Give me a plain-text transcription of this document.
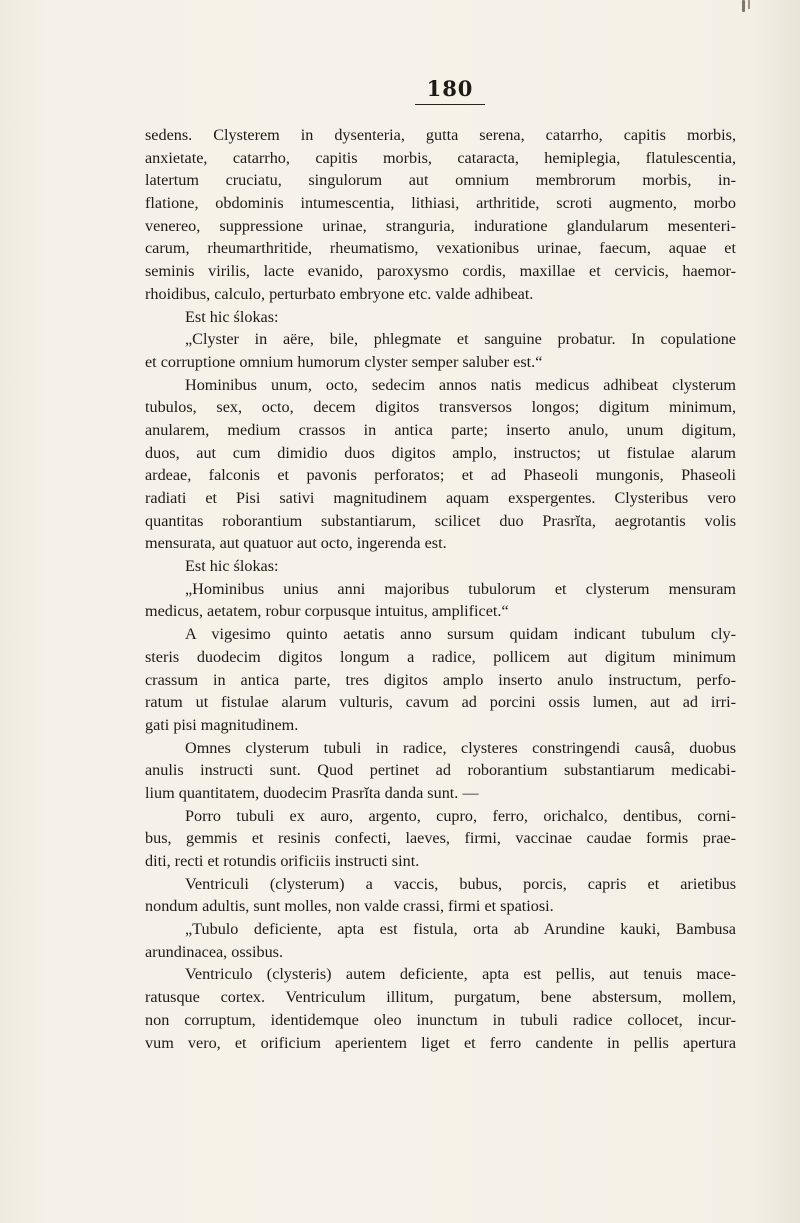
180
sedens. Clysterem in dysenteria, gutta serena, catarrho, capitis morbis,
anxietate, catarrho, capitis morbis, cataracta, hemiplegia, flatulescentia,
latertum cruciatu, singulorum aut omnium membrorum morbis, in-
flatione, obdominis intumescentia, lithiasi, arthritide, scroti augmento, morbo
venereo, suppressione urinae, stranguria, induratione glandularum mesenteri-
carum, rheumarthritide, rheumatismo, vexationibus urinae, faecum, aquae et
seminis virilis, lacte evanido, paroxysmo cordis, maxillae et cervicis, haemor-
rhoidibus, calculo, perturbato embryone etc. valde adhibeat.
Est hic ślokas:
„Clyster in aëre, bile, phlegmate et sanguine probatur. In copulatione
et corruptione omnium humorum clyster semper saluber est.“
Hominibus unum, octo, sedecim annos natis medicus adhibeat clysterum
tubulos, sex, octo, decem digitos transversos longos; digitum minimum,
anularem, medium crassos in antica parte; inserto anulo, unum digitum,
duos, aut cum dimidio duos digitos amplo, instructos; ut fistulae alarum
ardeae, falconis et pavonis perforatos; et ad Phaseoli mungonis, Phaseoli
radiati et Pisi sativi magnitudinem aquam exspergentes. Clysteribus vero
quantitas roborantium substantiarum, scilicet duo Prasrĭta, aegrotantis volis
mensurata, aut quatuor aut octo, ingerenda est.
Est hic ślokas:
„Hominibus unius anni majoribus tubulorum et clysterum mensuram
medicus, aetatem, robur corpusque intuitus, amplificet.“
A vigesimo quinto aetatis anno sursum quidam indicant tubulum cly-
steris duodecim digitos longum a radice, pollicem aut digitum minimum
crassum in antica parte, tres digitos amplo inserto anulo instructum, perfo-
ratum ut fistulae alarum vulturis, cavum ad porcini ossis lumen, aut ad irri-
gati pisi magnitudinem.
Omnes clysterum tubuli in radice, clysteres constringendi causâ, duobus
anulis instructi sunt. Quod pertinet ad roborantium substantiarum medicabi-
lium quantitatem, duodecim Prasrĭta danda sunt. —
Porro tubuli ex auro, argento, cupro, ferro, orichalco, dentibus, corni-
bus, gemmis et resinis confecti, laeves, firmi, vaccinae caudae formis prae-
diti, recti et rotundis orificiis instructi sint.
Ventriculi (clysterum) a vaccis, bubus, porcis, capris et arietibus
nondum adultis, sunt molles, non valde crassi, firmi et spatiosi.
„Tubulo deficiente, apta est fistula, orta ab Arundine kauki, Bambusa
arundinacea, ossibus.
Ventriculo (clysteris) autem deficiente, apta est pellis, aut tenuis mace-
ratusque cortex. Ventriculum illitum, purgatum, bene abstersum, mollem,
non corruptum, identidemque oleo inunctum in tubuli radice collocet, incur-
vum vero, et orificium aperientem liget et ferro candente in pellis apertura
